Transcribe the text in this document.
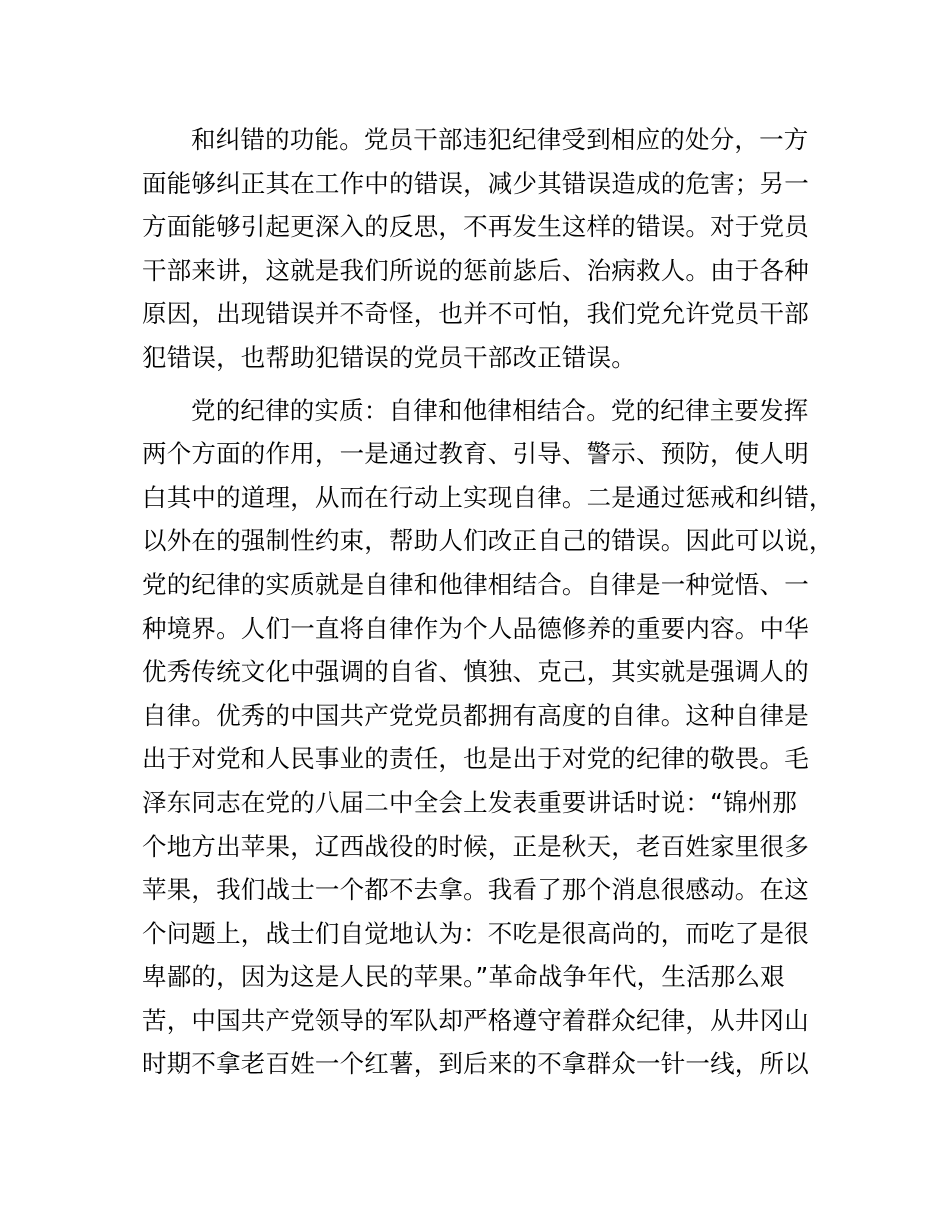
和纠错的功能。党员干部违犯纪律受到相应的处分，一方
面能够纠正其在工作中的错误，减少其错误造成的危害；另一
方面能够引起更深入的反思，不再发生这样的错误。对于党员
干部来讲，这就是我们所说的惩前毖后、治病救人。由于各种
原因，出现错误并不奇怪，也并不可怕，我们党允许党员干部
犯错误，也帮助犯错误的党员干部改正错误。

党的纪律的实质：自律和他律相结合。党的纪律主要发挥
两个方面的作用，一是通过教育、引导、警示、预防，使人明
白其中的道理，从而在行动上实现自律。二是通过惩戒和纠错，
以外在的强制性约束，帮助人们改正自己的错误。因此可以说，
党的纪律的实质就是自律和他律相结合。自律是一种觉悟、一
种境界。人们一直将自律作为个人品德修养的重要内容。中华
优秀传统文化中强调的自省、慎独、克己，其实就是强调人的
自律。优秀的中国共产党党员都拥有高度的自律。这种自律是
出于对党和人民事业的责任，也是出于对党的纪律的敬畏。毛
泽东同志在党的八届二中全会上发表重要讲话时说：“锦州那
个地方出苹果，辽西战役的时候，正是秋天，老百姓家里很多
苹果，我们战士一个都不去拿。我看了那个消息很感动。在这
个问题上，战士们自觉地认为：不吃是很高尚的，而吃了是很
卑鄙的，因为这是人民的苹果。”革命战争年代，生活那么艰
苦，中国共产党领导的军队却严格遵守着群众纪律，从井冈山
时期不拿老百姓一个红薯，到后来的不拿群众一针一线，所以
